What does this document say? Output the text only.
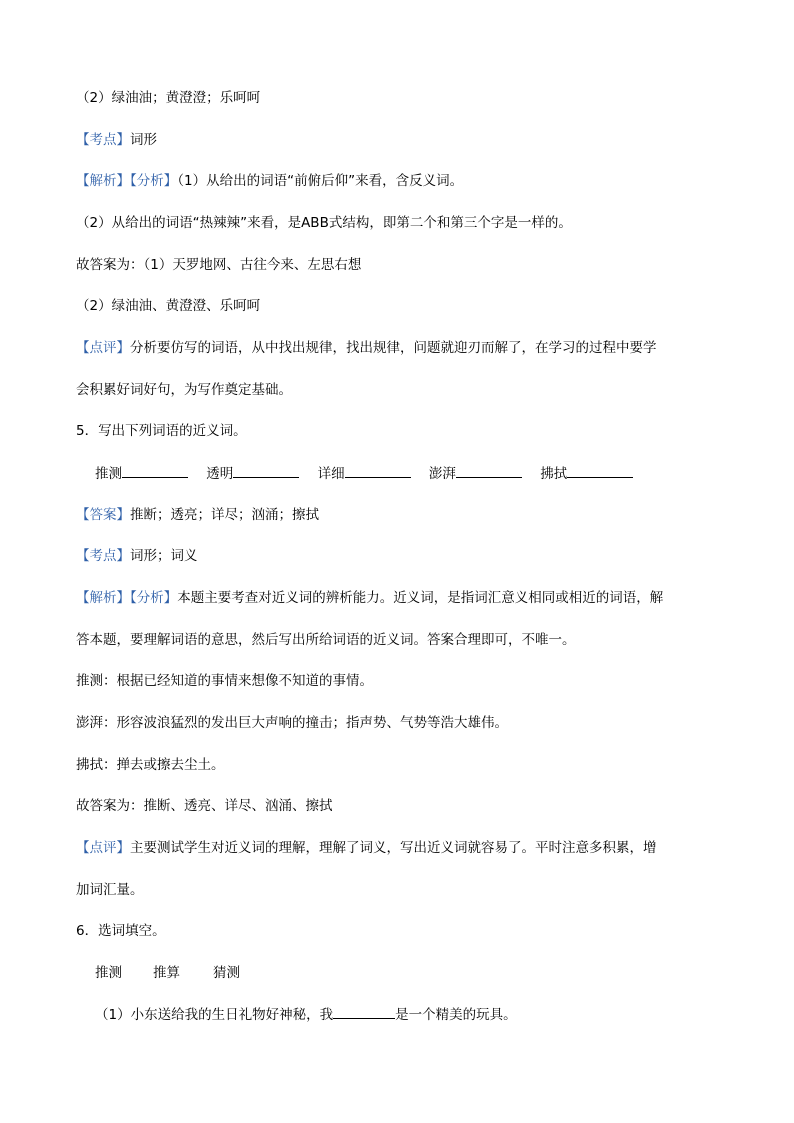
（2）绿油油；黄澄澄；乐呵呵
【考点】词形
【解析】【分析】（1）从给出的词语“前俯后仰”来看，含反义词。
（2）从给出的词语“热辣辣”来看，是ABB式结构，即第二个和第三个字是一样的。
故答案为：（1）天罗地网、古往今来、左思右想
（2）绿油油、黄澄澄、乐呵呵
【点评】分析要仿写的词语，从中找出规律，找出规律，问题就迎刃而解了，在学习的过程中要学
会积累好词好句，为写作奠定基础。
5．写出下列词语的近义词。
推测	透明	详细	澎湃	拂拭
【答案】推断；透亮；详尽；汹涌；擦拭
【考点】词形；词义
【解析】【分析】本题主要考查对近义词的辨析能力。近义词，是指词汇意义相同或相近的词语，解
答本题，要理解词语的意思，然后写出所给词语的近义词。答案合理即可，不唯一。
推测：根据已经知道的事情来想像不知道的事情。
澎湃：形容波浪猛烈的发出巨大声响的撞击；指声势、气势等浩大雄伟。
拂拭：掸去或擦去尘土。
故答案为：推断、透亮、详尽、汹涌、擦拭
【点评】主要测试学生对近义词的理解，理解了词义，写出近义词就容易了。平时注意多积累，增
加词汇量。
6．选词填空。
推测 推算 猜测
（1）小东送给我的生日礼物好神秘，我	是一个精美的玩具。
